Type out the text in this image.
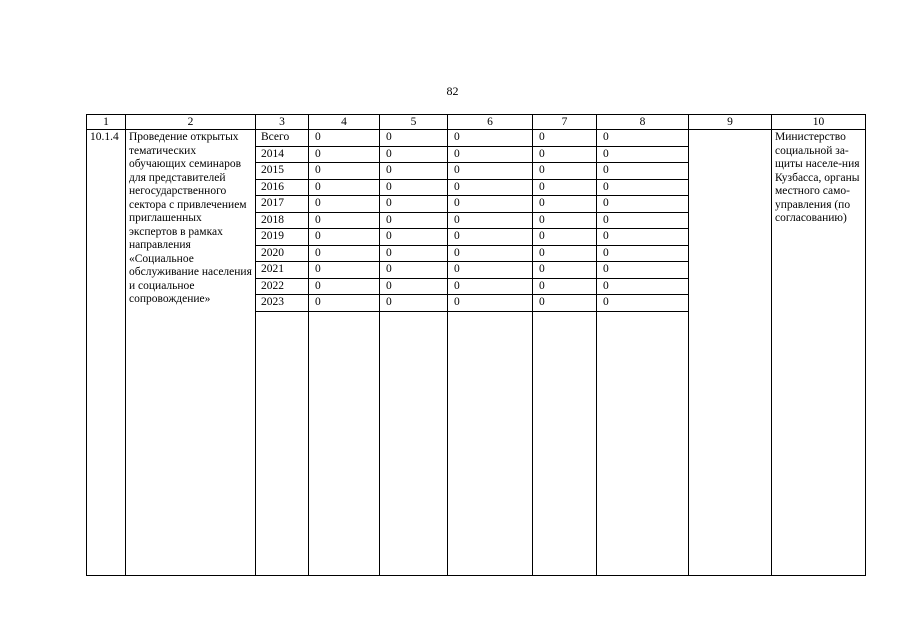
82
1	2	3	4	5	6	7	8	9	10
10.1.4	Проведение открытых тематических обучающих семинаров для представителей негосударственного сектора с привлечением приглашенных экспертов в рамках направления «Социальное обслуживание населения и социальное сопровождение»	Всего	0	0	0	0	0		Министерство социальной за-щиты населе-ния Кузбасса, органы местного само-управления (по согласованию)
		2014	0	0	0	0	0		
		2015	0	0	0	0	0		
		2016	0	0	0	0	0		
		2017	0	0	0	0	0		
		2018	0	0	0	0	0		
		2019	0	0	0	0	0		
		2020	0	0	0	0	0		
		2021	0	0	0	0	0		
		2022	0	0	0	0	0		
		2023	0	0	0	0	0		
